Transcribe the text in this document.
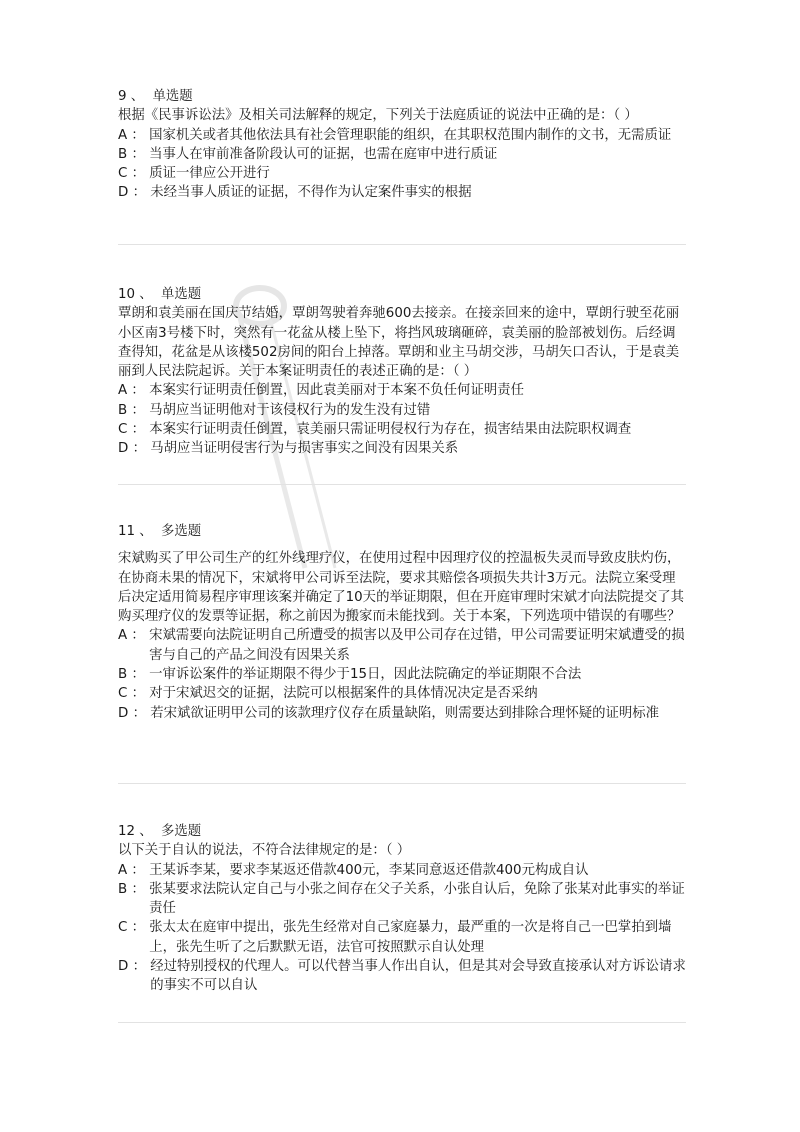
9 、 单选题

根据《民事诉讼法》及相关司法解释的规定，下列关于法庭质证的说法中正确的是：（ ）

A ： 国家机关或者其他依法具有社会管理职能的组织，在其职权范围内制作的文书，无需质证
B ： 当事人在审前准备阶段认可的证据，也需在庭审中进行质证
C ： 质证一律应公开进行
D ： 未经当事人质证的证据，不得作为认定案件事实的根据
10 、 单选题

覃朗和袁美丽在国庆节结婚，覃朗驾驶着奔驰600去接亲。在接亲回来的途中，覃朗行驶至花丽小区南3号楼下时，突然有一花盆从楼上坠下，将挡风玻璃砸碎，袁美丽的脸部被划伤。后经调查得知，花盆是从该楼502房间的阳台上掉落。覃朗和业主马胡交涉，马胡矢口否认，于是袁美丽到人民法院起诉。关于本案证明责任的表述正确的是：（ ）

A ： 本案实行证明责任倒置，因此袁美丽对于本案不负任何证明责任
B ： 马胡应当证明他对于该侵权行为的发生没有过错
C ： 本案实行证明责任倒置，袁美丽只需证明侵权行为存在，损害结果由法院职权调查
D ： 马胡应当证明侵害行为与损害事实之间没有因果关系
11 、 多选题

宋斌购买了甲公司生产的红外线理疗仪，在使用过程中因理疗仪的控温板失灵而导致皮肤灼伤，在协商未果的情况下，宋斌将甲公司诉至法院，要求其赔偿各项损失共计3万元。法院立案受理后决定适用简易程序审理该案并确定了10天的举证期限，但在开庭审理时宋斌才向法院提交了其购买理疗仪的发票等证据，称之前因为搬家而未能找到。关于本案，下列选项中错误的有哪些？

A ： 宋斌需要向法院证明自己所遭受的损害以及甲公司存在过错，甲公司需要证明宋斌遭受的损害与自己的产品之间没有因果关系
B ： 一审诉讼案件的举证期限不得少于15日，因此法院确定的举证期限不合法
C ： 对于宋斌迟交的证据，法院可以根据案件的具体情况决定是否采纳
D ： 若宋斌欲证明甲公司的该款理疗仪存在质量缺陷，则需要达到排除合理怀疑的证明标准
12 、 多选题

以下关于自认的说法，不符合法律规定的是：（ ）

A ： 王某诉李某，要求李某返还借款400元，李某同意返还借款400元构成自认
B ： 张某要求法院认定自己与小张之间存在父子关系，小张自认后，免除了张某对此事实的举证责任
C ： 张太太在庭审中提出，张先生经常对自己家庭暴力，最严重的一次是将自己一巴掌拍到墙上，张先生听了之后默默无语，法官可按照默示自认处理
D ： 经过特别授权的代理人。可以代替当事人作出自认，但是其对会导致直接承认对方诉讼请求的事实不可以自认
